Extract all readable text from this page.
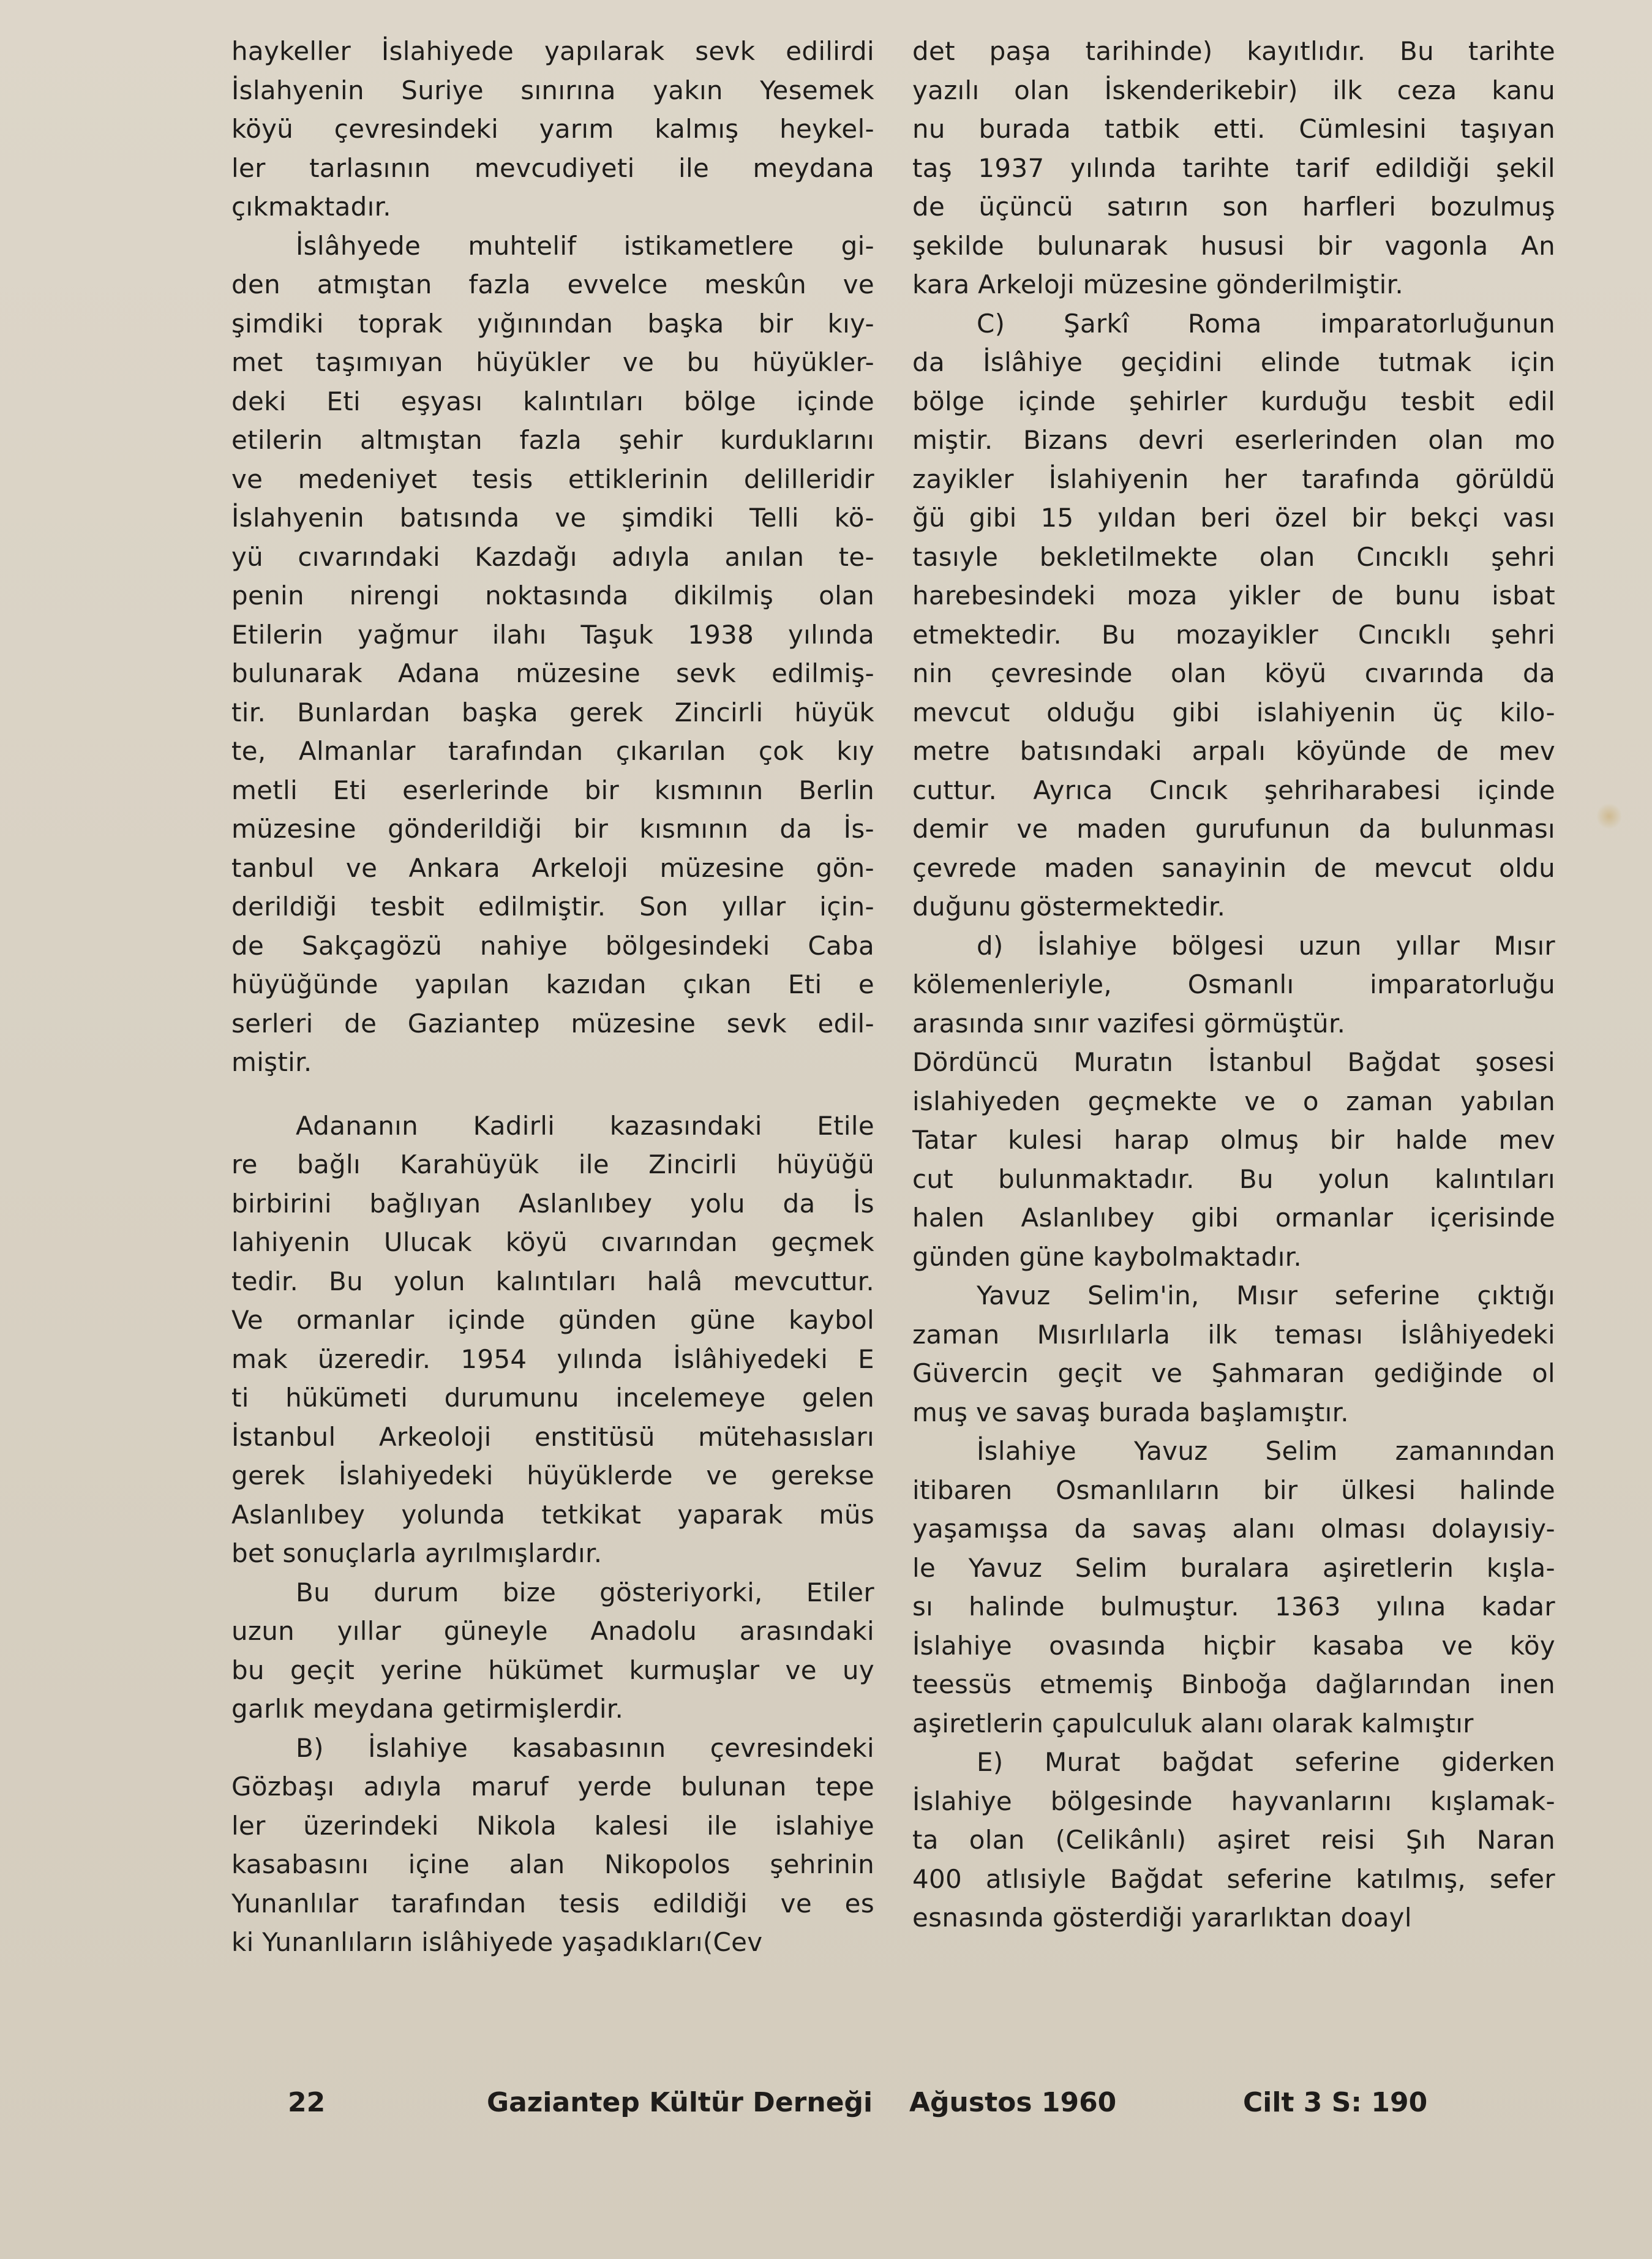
haykeller İslahiyede yapılarak sevk edilirdi
İslahyenin Suriye sınırına yakın Yesemek
köyü çevresindeki yarım kalmış heykel-
ler tarlasının mevcudiyeti ile meydana
çıkmaktadır.
İslâhyede muhtelif istikametlere gi-
den atmıştan fazla evvelce meskûn ve
şimdiki toprak yığınından başka bir kıy-
met taşımıyan hüyükler ve bu hüyükler-
deki Eti eşyası kalıntıları bölge içinde
etilerin altmıştan fazla şehir kurduklarını
ve medeniyet tesis ettiklerinin delilleridir
İslahyenin batısında ve şimdiki Telli kö-
yü cıvarındaki Kazdağı adıyla anılan te-
penin nirengi noktasında dikilmiş olan
Etilerin yağmur ilahı Taşuk 1938 yılında
bulunarak Adana müzesine sevk edilmiş-
tir. Bunlardan başka gerek Zincirli hüyük
te, Almanlar tarafından çıkarılan çok kıy
metli Eti eserlerinde bir kısmının Berlin
müzesine gönderildiği bir kısmının da İs-
tanbul ve Ankara Arkeloji müzesine gön-
derildiği tesbit edilmiştir. Son yıllar için-
de Sakçagözü nahiye bölgesindeki Caba
hüyüğünde yapılan kazıdan çıkan Eti e
serleri de Gaziantep müzesine sevk edil-
miştir.
Adananın Kadirli kazasındaki Etile
re bağlı Karahüyük ile Zincirli hüyüğü
birbirini bağlıyan Aslanlıbey yolu da İs
lahiyenin Ulucak köyü cıvarından geçmek
tedir. Bu yolun kalıntıları halâ mevcuttur.
Ve ormanlar içinde günden güne kaybol
mak üzeredir. 1954 yılında İslâhiyedeki E
ti hükümeti durumunu incelemeye gelen
İstanbul Arkeoloji enstitüsü mütehasısları
gerek İslahiyedeki hüyüklerde ve gerekse
Aslanlıbey yolunda tetkikat yaparak müs
bet sonuçlarla ayrılmışlardır.
Bu durum bize gösteriyorki, Etiler
uzun yıllar güneyle Anadolu arasındaki
bu geçit yerine hükümet kurmuşlar ve uy
garlık meydana getirmişlerdir.
B) İslahiye kasabasının çevresindeki
Gözbaşı adıyla maruf yerde bulunan tepe
ler üzerindeki Nikola kalesi ile islahiye
kasabasını içine alan Nikopolos şehrinin
Yunanlılar tarafından tesis edildiği ve es
ki Yunanlıların islâhiyede yaşadıkları(Cev
det paşa tarihinde) kayıtlıdır. Bu tarihte
yazılı olan İskenderikebir) ilk ceza kanu
nu burada tatbik etti. Cümlesini taşıyan
taş 1937 yılında tarihte tarif edildiği şekil
de üçüncü satırın son harfleri bozulmuş
şekilde bulunarak hususi bir vagonla An
kara Arkeloji müzesine gönderilmiştir.
C) Şarkî Roma imparatorluğunun
da İslâhiye geçidini elinde tutmak için
bölge içinde şehirler kurduğu tesbit edil
miştir. Bizans devri eserlerinden olan mo
zayikler İslahiyenin her tarafında görüldü
ğü gibi 15 yıldan beri özel bir bekçi vası
tasıyle bekletilmekte olan Cıncıklı şehri
harebesindeki moza yikler de bunu isbat
etmektedir. Bu mozayikler Cıncıklı şehri
nin çevresinde olan köyü cıvarında da
mevcut olduğu gibi islahiyenin üç kilo-
metre batısındaki arpalı köyünde de mev
cuttur. Ayrıca Cıncık şehriharabesi içinde
demir ve maden gurufunun da bulunması
çevrede maden sanayinin de mevcut oldu
duğunu göstermektedir.
d) İslahiye bölgesi uzun yıllar Mısır
kölemenleriyle, Osmanlı imparatorluğu
arasında sınır vazifesi görmüştür.
Dördüncü Muratın İstanbul Bağdat şosesi
islahiyeden geçmekte ve o zaman yabılan
Tatar kulesi harap olmuş bir halde mev
cut bulunmaktadır. Bu yolun kalıntıları
halen Aslanlıbey gibi ormanlar içerisinde
günden güne kaybolmaktadır.
Yavuz Selim'in, Mısır seferine çıktığı
zaman Mısırlılarla ilk teması İslâhiyedeki
Güvercin geçit ve Şahmaran gediğinde ol
muş ve savaş burada başlamıştır.
İslahiye Yavuz Selim zamanından
itibaren Osmanlıların bir ülkesi halinde
yaşamışsa da savaş alanı olması dolayısiy-
le Yavuz Selim buralara aşiretlerin kışla-
sı halinde bulmuştur. 1363 yılına kadar
İslahiye ovasında hiçbir kasaba ve köy
teessüs etmemiş Binboğa dağlarından inen
aşiretlerin çapulculuk alanı olarak kalmıştır
E) Murat bağdat seferine giderken
İslahiye bölgesinde hayvanlarını kışlamak-
ta olan (Celikânlı) aşiret reisi Şıh Naran
400 atlısiyle Bağdat seferine katılmış, sefer
esnasında gösterdiği yararlıktan doayl
22	Gaziantep Kültür Derneği Ağustos 1960	Cilt 3 S: 190
